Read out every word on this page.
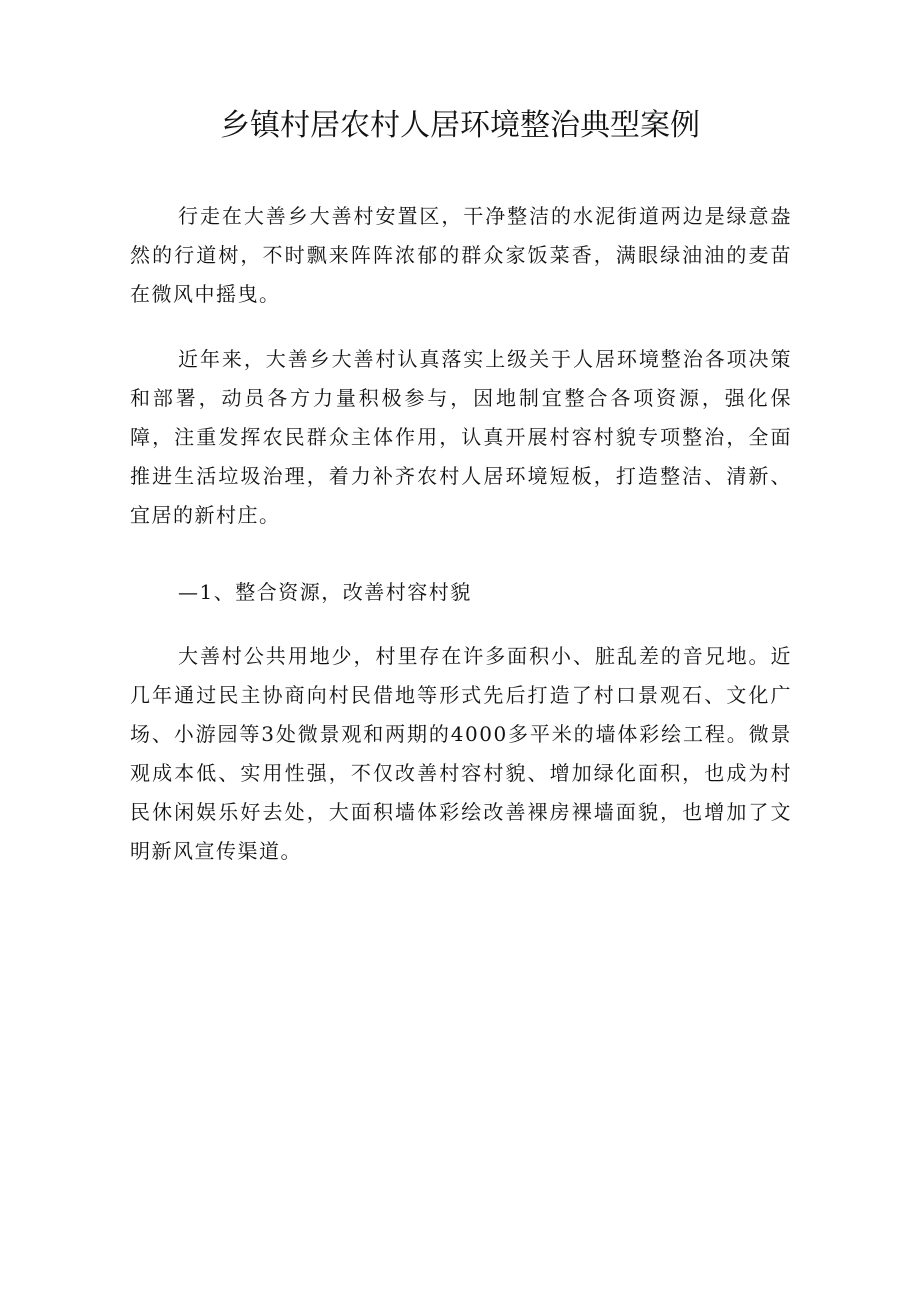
乡镇村居农村人居环境整治典型案例

行走在大善乡大善村安置区，干净整洁的水泥街道两边是绿意盎然的行道树，不时飘来阵阵浓郁的群众家饭菜香，满眼绿油油的麦苗在微风中摇曳。

近年来，大善乡大善村认真落实上级关于人居环境整治各项决策和部署，动员各方力量积极参与，因地制宜整合各项资源，强化保障，注重发挥农民群众主体作用，认真开展村容村貌专项整治，全面推进生活垃圾治理，着力补齐农村人居环境短板，打造整洁、清新、宜居的新村庄。

—1、整合资源，改善村容村貌

大善村公共用地少，村里存在许多面积小、脏乱差的音兄地。近几年通过民主协商向村民借地等形式先后打造了村口景观石、文化广场、小游园等3处微景观和两期的4000多平米的墙体彩绘工程。微景观成本低、实用性强，不仅改善村容村貌、增加绿化面积，也成为村民休闲娱乐好去处，大面积墙体彩绘改善裸房裸墙面貌，也增加了文明新风宣传渠道。
